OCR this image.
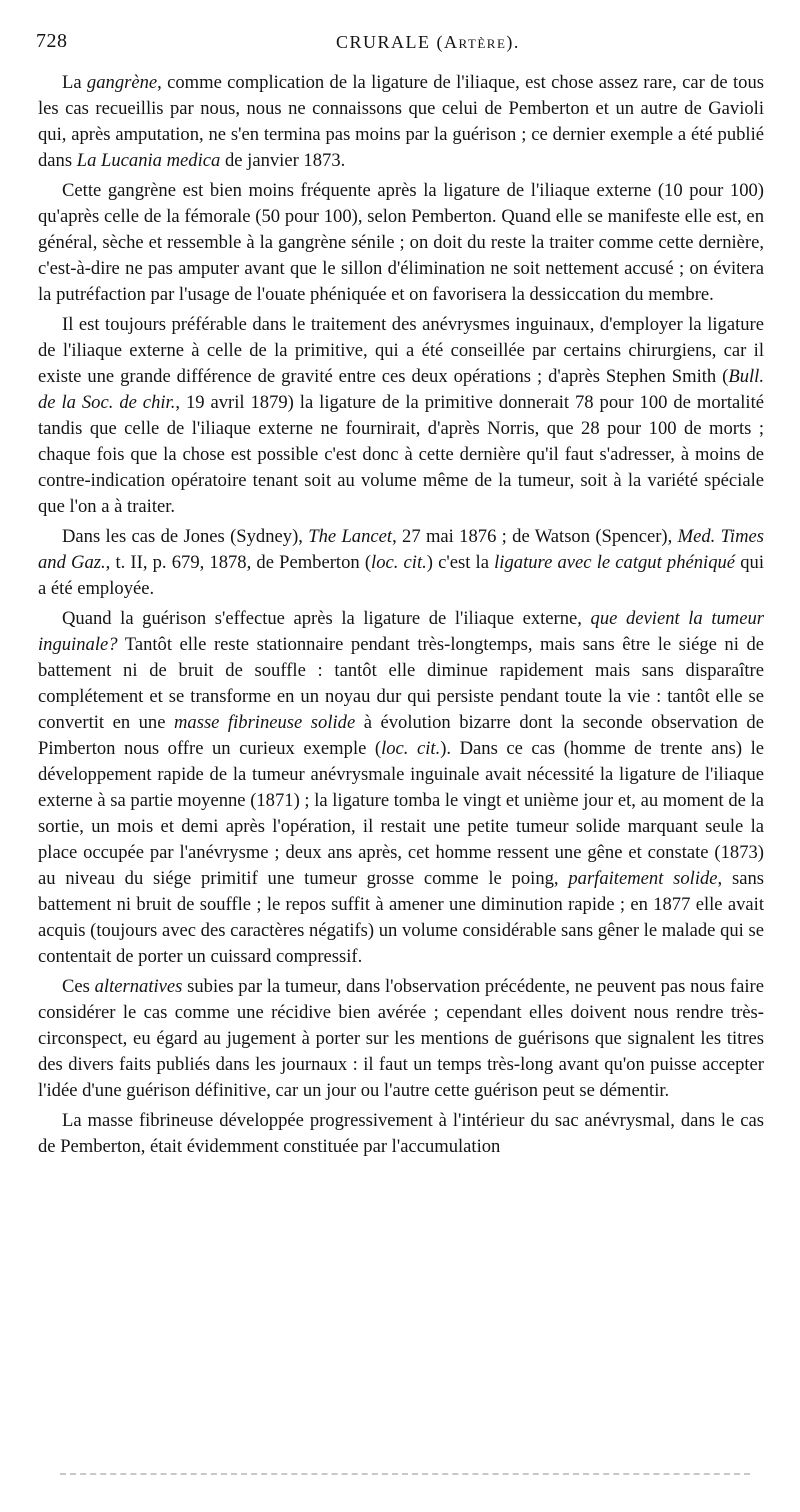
728	CRURALE (ARTÈRE).

La gangrène, comme complication de la ligature de l'iliaque, est chose assez rare, car de tous les cas recueillis par nous, nous ne connaissons que celui de Pemberton et un autre de Gavioli qui, après amputation, ne s'en termina pas moins par la guérison ; ce dernier exemple a été publié dans La Lucania medica de janvier 1873.

Cette gangrène est bien moins fréquente après la ligature de l'iliaque externe (10 pour 100) qu'après celle de la fémorale (50 pour 100), selon Pemberton. Quand elle se manifeste elle est, en général, sèche et ressemble à la gangrène sénile ; on doit du reste la traiter comme cette dernière, c'est-à-dire ne pas amputer avant que le sillon d'élimination ne soit nettement accusé ; on évitera la putréfaction par l'usage de l'ouate phéniquée et on favorisera la dessiccation du membre.

Il est toujours préférable dans le traitement des anévrysmes inguinaux, d'employer la ligature de l'iliaque externe à celle de la primitive, qui a été conseillée par certains chirurgiens, car il existe une grande différence de gravité entre ces deux opérations ; d'après Stephen Smith (Bull. de la Soc. de chir., 19 avril 1879) la ligature de la primitive donnerait 78 pour 100 de mortalité tandis que celle de l'iliaque externe ne fournirait, d'après Norris, que 28 pour 100 de morts ; chaque fois que la chose est possible c'est donc à cette dernière qu'il faut s'adresser, à moins de contre-indication opératoire tenant soit au volume même de la tumeur, soit à la variété spéciale que l'on a à traiter.

Dans les cas de Jones (Sydney), The Lancet, 27 mai 1876 ; de Watson (Spencer), Med. Times and Gaz., t. II, p. 679, 1878, de Pemberton (loc. cit.) c'est la ligature avec le catgut phéniqué qui a été employée.

Quand la guérison s'effectue après la ligature de l'iliaque externe, que devient la tumeur inguinale? Tantôt elle reste stationnaire pendant très-longtemps, mais sans être le siége ni de battement ni de bruit de souffle : tantôt elle diminue rapidement mais sans disparaître complétement et se transforme en un noyau dur qui persiste pendant toute la vie : tantôt elle se convertit en une masse fibrineuse solide à évolution bizarre dont la seconde observation de Pimberton nous offre un curieux exemple (loc. cit.). Dans ce cas (homme de trente ans) le développement rapide de la tumeur anévrysmale inguinale avait nécessité la ligature de l'iliaque externe à sa partie moyenne (1871) ; la ligature tomba le vingt et unième jour et, au moment de la sortie, un mois et demi après l'opération, il restait une petite tumeur solide marquant seule la place occupée par l'anévrysme ; deux ans après, cet homme ressent une gêne et constate (1873) au niveau du siége primitif une tumeur grosse comme le poing, parfaitement solide, sans battement ni bruit de souffle ; le repos suffit à amener une diminution rapide ; en 1877 elle avait acquis (toujours avec des caractères négatifs) un volume considérable sans gêner le malade qui se contentait de porter un cuissard compressif.

Ces alternatives subies par la tumeur, dans l'observation précédente, ne peuvent pas nous faire considérer le cas comme une récidive bien avérée ; cependant elles doivent nous rendre très-circonspect, eu égard au jugement à porter sur les mentions de guérisons que signalent les titres des divers faits publiés dans les journaux : il faut un temps très-long avant qu'on puisse accepter l'idée d'une guérison définitive, car un jour ou l'autre cette guérison peut se démentir.

La masse fibrineuse développée progressivement à l'intérieur du sac anévrysmal, dans le cas de Pemberton, était évidemment constituée par l'accumulation
